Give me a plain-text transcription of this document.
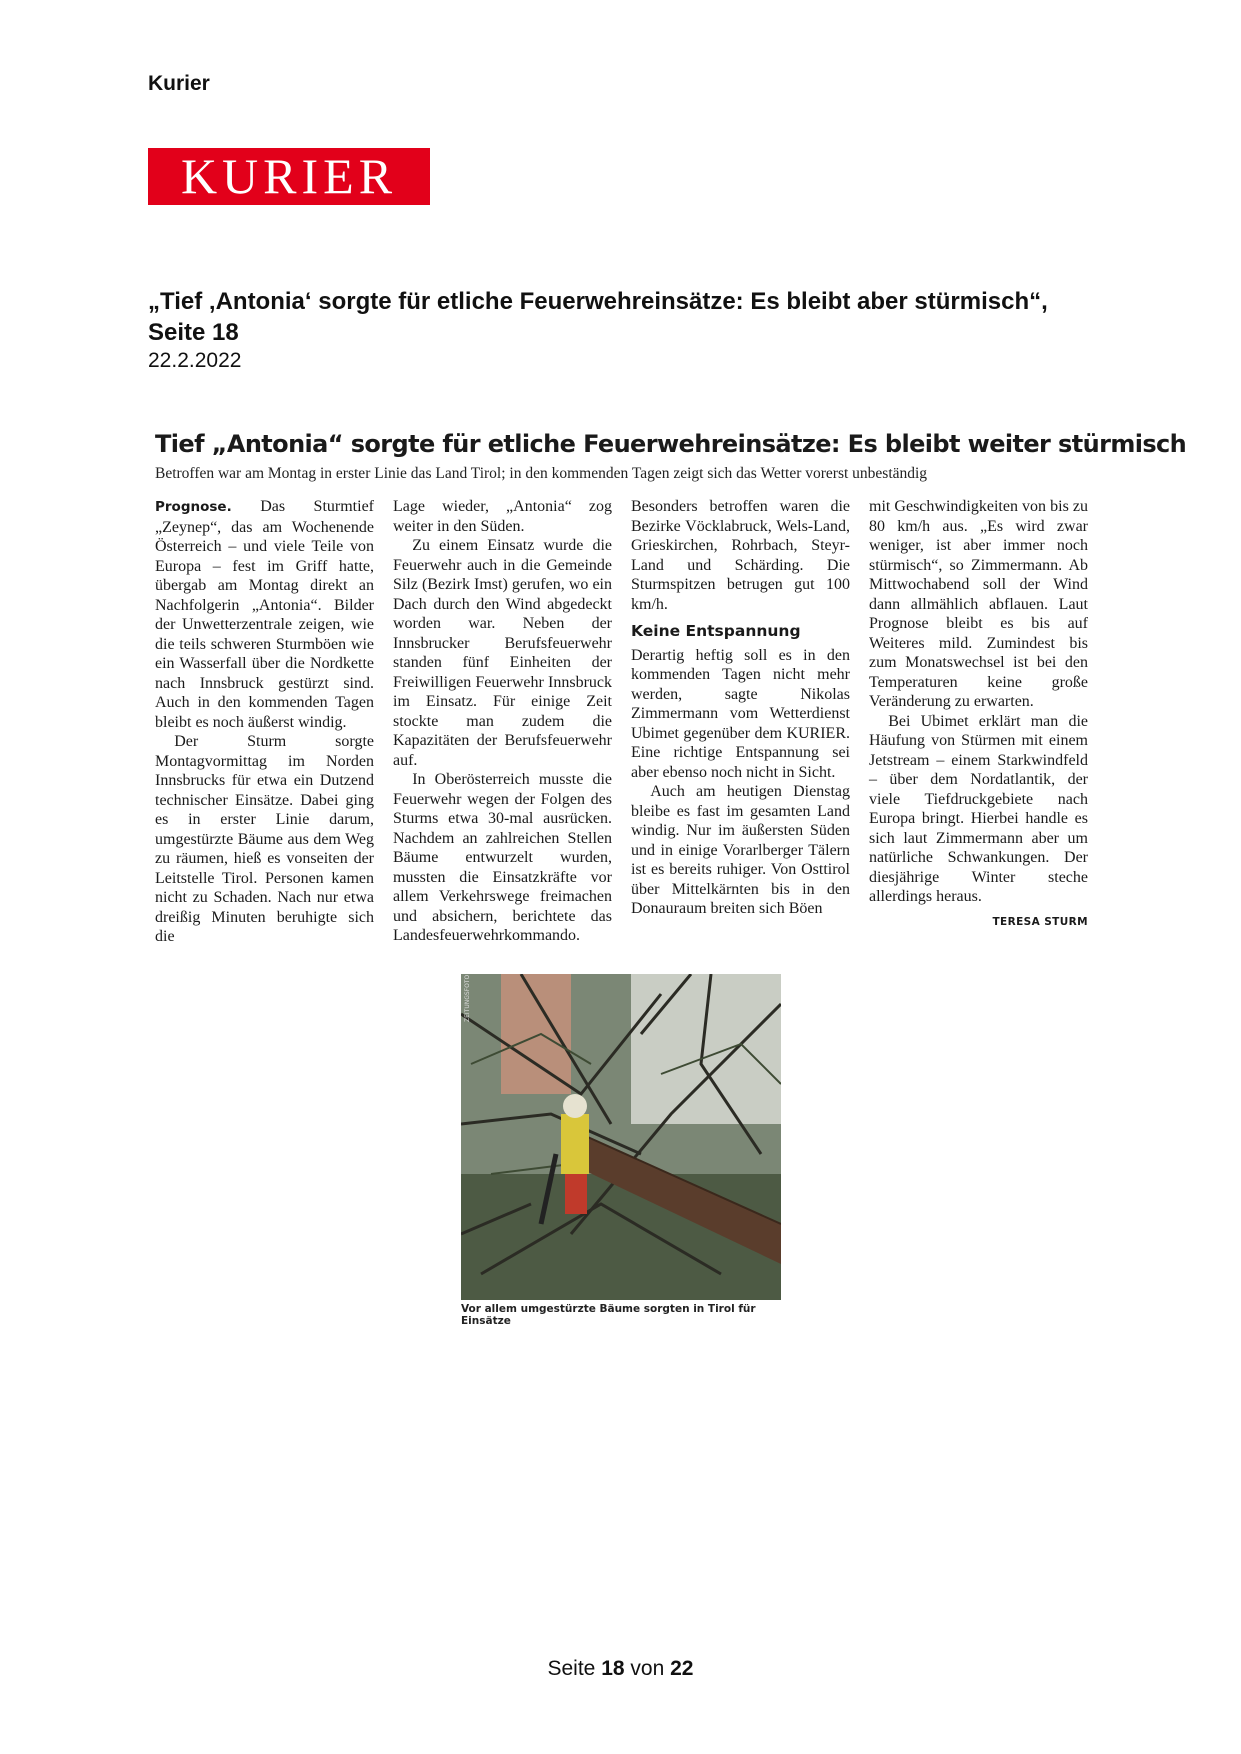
Kurier
KURIER
„Tief ‚Antonia‘ sorgte für etliche Feuerwehreinsätze: Es bleibt aber stürmisch“, Seite 18
22.2.2022
Tief „Antonia“ sorgte für etliche Feuerwehreinsätze: Es bleibt weiter stürmisch
Betroffen war am Montag in erster Linie das Land Tirol; in den kommenden Tagen zeigt sich das Wetter vorerst unbeständig

Prognose. Das Sturmtief „Zeynep“, das am Wochenende Österreich – und viele Teile von Europa – fest im Griff hatte, übergab am Montag direkt an Nachfolgerin „Antonia“. Bilder der Unwetterzentrale zeigen, wie die teils schweren Sturmböen wie ein Wasserfall über die Nordkette nach Innsbruck gestürzt sind. Auch in den kommenden Tagen bleibt es noch äußerst windig.

Der Sturm sorgte Montagvormittag im Norden Innsbrucks für etwa ein Dutzend technischer Einsätze. Dabei ging es in erster Linie darum, umgestürzte Bäume aus dem Weg zu räumen, hieß es vonseiten der Leitstelle Tirol. Personen kamen nicht zu Schaden. Nach nur etwa dreißig Minuten beruhigte sich die

Lage wieder, „Antonia“ zog weiter in den Süden.

Zu einem Einsatz wurde die Feuerwehr auch in die Gemeinde Silz (Bezirk Imst) gerufen, wo ein Dach durch den Wind abgedeckt worden war. Neben der Innsbrucker Berufsfeuerwehr standen fünf Einheiten der Freiwilligen Feuerwehr Innsbruck im Einsatz. Für einige Zeit stockte man zudem die Kapazitäten der Berufsfeuerwehr auf.

In Oberösterreich musste die Feuerwehr wegen der Folgen des Sturms etwa 30-mal ausrücken. Nachdem an zahlreichen Stellen Bäume entwurzelt wurden, mussten die Einsatzkräfte vor allem Verkehrswege freimachen und absichern, berichtete das Landesfeuerwehrkommando.

Besonders betroffen waren die Bezirke Vöcklabruck, Wels-Land, Grieskirchen, Rohrbach, Steyr-Land und Schärding. Die Sturmspitzen betrugen gut 100 km/h.

Keine Entspannung

Derartig heftig soll es in den kommenden Tagen nicht mehr werden, sagte Nikolas Zimmermann vom Wetterdienst Ubimet gegenüber dem KURIER. Eine richtige Entspannung sei aber ebenso noch nicht in Sicht.

Auch am heutigen Dienstag bleibe es fast im gesamten Land windig. Nur im äußersten Süden und in einige Vorarlberger Tälern ist es bereits ruhiger. Von Osttirol über Mittelkärnten bis in den Donauraum breiten sich Böen

mit Geschwindigkeiten von bis zu 80 km/h aus. „Es wird zwar weniger, ist aber immer noch stürmisch“, so Zimmermann. Ab Mittwochabend soll der Wind dann allmählich abflauen. Laut Prognose bleibt es bis auf Weiteres mild. Zumindest bis zum Monatswechsel ist bei den Temperaturen keine große Veränderung zu erwarten.

Bei Ubimet erklärt man die Häufung von Stürmen mit einem Jetstream – einem Starkwindfeld – über dem Nordatlantik, der viele Tiefdruckgebiete nach Europa bringt. Hierbei handle es sich laut Zimmermann aber um natürliche Schwankungen. Der diesjährige Winter steche allerdings heraus.

TERESA STURM
ZEITUNGSFOTO
Vor allem umgestürzte Bäume sorgten in Tirol für Einsätze
Seite 18 von 22
